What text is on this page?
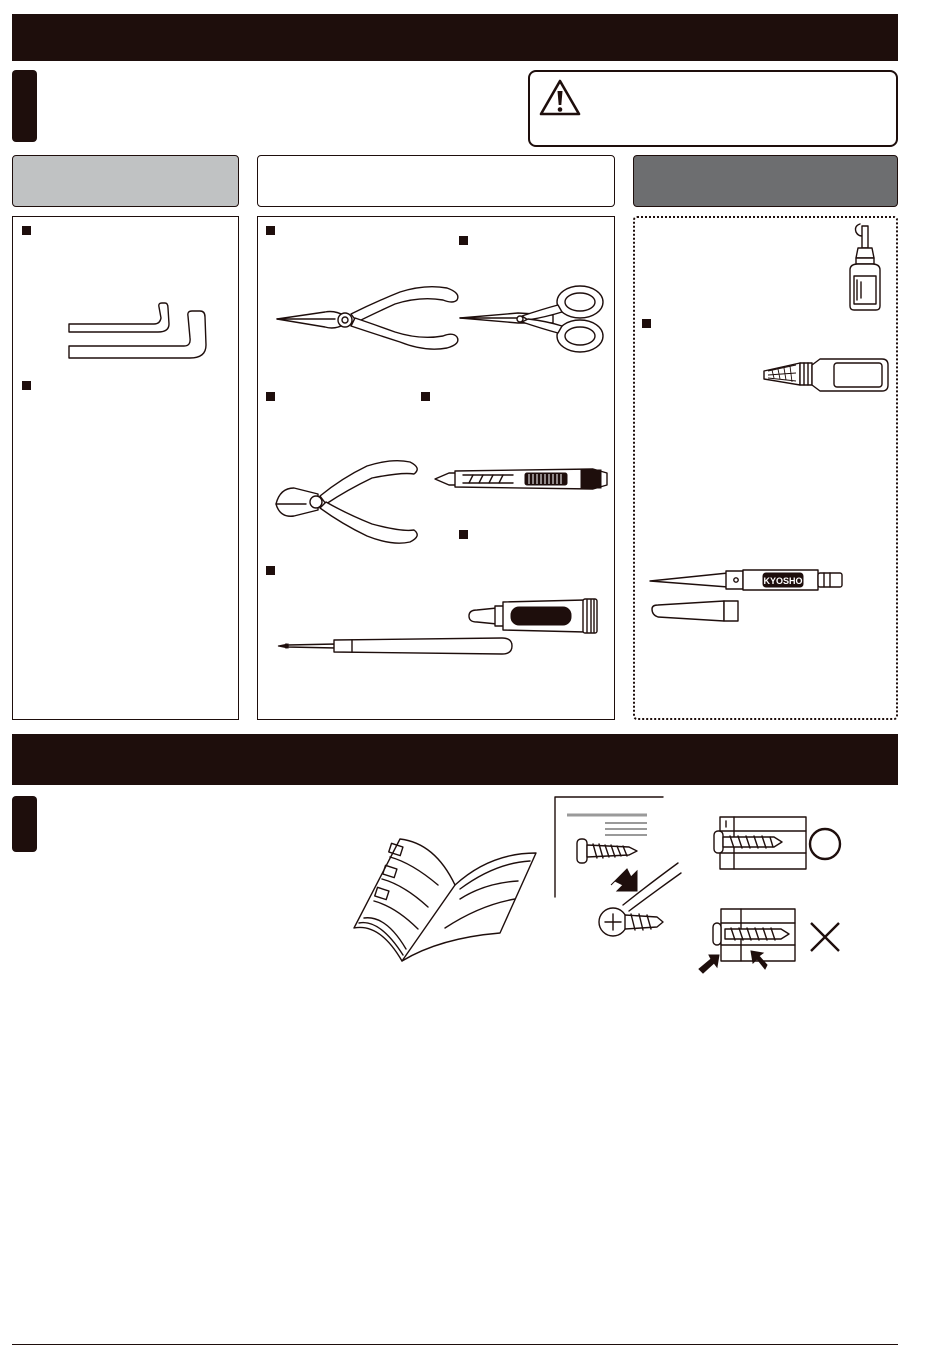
KYOSHO
